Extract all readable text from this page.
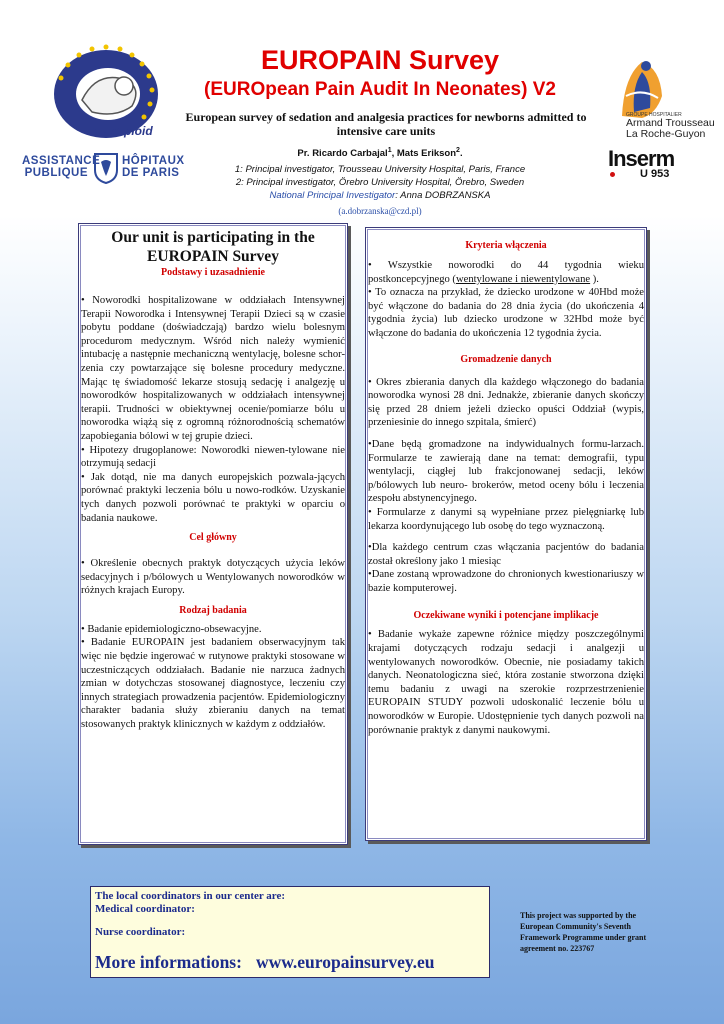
NeoOpioid
ASSISTANCE PUBLIQUE
HÔPITAUX DE PARIS
EUROPAIN Survey
(EUROpean Pain Audit In Neonates) V2
European survey of sedation and analgesia practices for newborns admitted to intensive care units
Pr. Ricardo Carbajal$^1$, Mats Erikson$^2$.
1: Principal investigator, Trousseau University Hospital, Paris, France
2: Principal investigator, Örebro University Hospital, Örebro, Sweden
National Principal Investigator: Anna DOBRZANSKA
(a.dobrzanska@czd.pl)
GROUPE HOSPITALIER
Armand Trousseau
La Roche-Guyon
Inserm
U 953
Our unit is participating in the EUROPAIN Survey
Podstawy i uzasadnienie

• Noworodki hospitalizowane w oddziałach Intensywnej Terapii Noworodka i Intensywnej Terapii Dzieci są w czasie pobytu poddane (doświadczają) bardzo wielu bolesnym procedurom medycznym. Wśród nich należy wymienić intubację a następnie mechaniczną wentylację, bolesne schor-zenia czy powtarzające się bolesne procedury medyczne. Mając tę świadomość lekarze stosują sedację i analgezję u noworodków hospitalizowanych w oddziałach intensywnej terapii. Trudności w obiektywnej ocenie/pomiarze bólu u noworodka wiążą się z ogromną różnorodnością schematów zapobiegania bólowi w tej grupie dzieci.

• Hipotezy drugoplanowe: Noworodki niewen-tylowane nie otrzymują sedacji

• Jak dotąd, nie ma danych europejskich pozwala-jących porównać praktyki leczenia bólu u nowo-rodków. Uzyskanie tych danych pozwoli porównać te praktyki w oparciu o badania naukowe.

Cel główny

• Określenie obecnych praktyk dotyczących użycia leków sedacyjnych i p/bólowych u Wentylowanych noworodków w różnych krajach Europy.

Rodzaj badania

• Badanie epidemiologiczno-obsewacyjne.

• Badanie EUROPAIN jest badaniem obserwacyjnym tak więc nie będzie ingerować w rutynowe praktyki stosowane w uczestniczących oddziałach. Badanie nie narzuca żadnych zmian w dotychczas stosowanej diagnostyce, leczeniu czy innych strategiach prowadzenia pacjentów. Epidemiologiczny charakter badania służy zbieraniu danych na temat stosowanych praktyk klinicznych w każdym z oddziałów.

Kryteria włączenia

• Wszystkie noworodki do 44 tygodnia wieku postkoncepcyjnego (wentylowane i niewentylowane ).

• To oznacza na przykład, że dziecko urodzone w 40Hbd może być włączone do badania do 28 dnia życia (do ukończenia 4 tygodnia życia) lub dziecko urodzone w 32Hbd może być włączone do badania do ukończenia 12 tygodnia życia.

Gromadzenie danych

• Okres zbierania danych dla każdego włączonego do badania noworodka wynosi 28 dni. Jednakże, zbieranie danych skończy się przed 28 dniem jeżeli dziecko opuści Oddział (wypis, przeniesinie do innego szpitala, śmierć)

•Dane będą gromadzone na indywidualnych formu-larzach. Formularze te zawierają dane na temat: demografii, typu wentylacji, ciągłej lub frakcjonowanej sedacji, leków p/bólowych lub neuro- brokerów, metod oceny bólu i leczenia zespołu abstynencyjnego.

• Formularze z danymi są wypełniane przez pielęgniarkę lub lekarza koordynującego lub osobę do tego wyznaczoną.

•Dla każdego centrum czas włączania pacjentów do badania został określony jako 1 miesiąc

•Dane zostaną wprowadzone do chronionych kwestionariuszy w bazie komputerowej.

Oczekiwane wyniki i potencjane implikacje

• Badanie wykaże zapewne różnice między poszczególnymi krajami dotyczących rodzaju sedacji i analgezji u wentylowanych noworodków. Obecnie, nie posiadamy takich danych. Neonatologiczna sieć, która zostanie stworzona dzięki temu badaniu z uwagi na szerokie rozprzestrzenienie EUROPAIN STUDY pozwoli udoskonalić leczenie bólu u noworodków w Europie. Udostępnienie tych danych pozwoli na porównanie praktyk z danymi naukowymi.

The local coordinators in our center are:
Medical coordinator:
Nurse coordinator:
More informations: www.europainsurvey.eu
This project was supported by the European Community's Seventh Framework Programme under grant agreement no. 223767
